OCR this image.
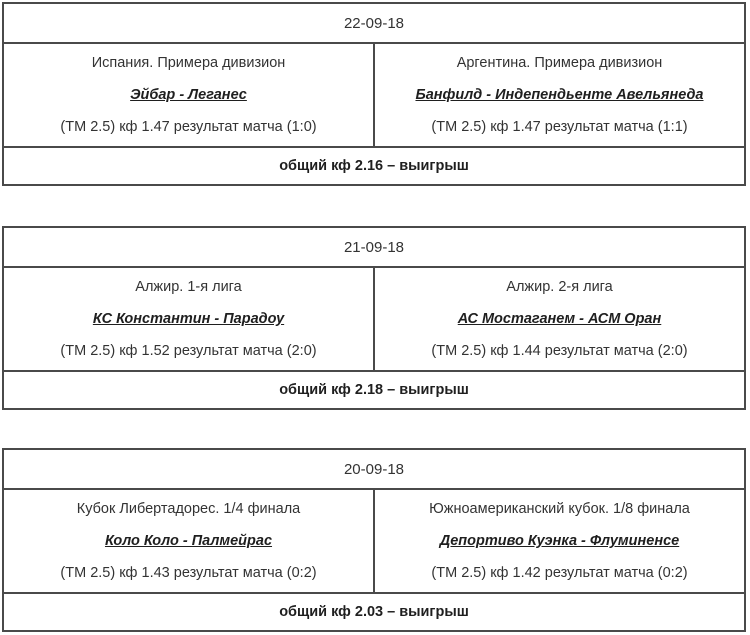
22-09-18
Испания. Примера дивизион
Эйбар - Леганес
(ТМ 2.5) кф 1.47 результат матча (1:0)
Аргентина. Примера дивизион
Банфилд - Индепендьенте Авельянеда
(ТМ 2.5) кф 1.47 результат матча (1:1)
общий кф 2.16 – выигрыш
21-09-18
Алжир. 1-я лига
КС Константин - Парадоу
(ТМ 2.5) кф 1.52 результат матча (2:0)
Алжир. 2-я лига
АС Мостаганем - АСМ Оран
(ТМ 2.5) кф 1.44 результат матча (2:0)
общий кф 2.18 – выигрыш
20-09-18
Кубок Либертадорес. 1/4 финала
Коло Коло - Палмейрас
(ТМ 2.5) кф 1.43 результат матча (0:2)
Южноамериканский кубок. 1/8 финала
Депортиво Куэнка - Флуминенсе
(ТМ 2.5) кф 1.42 результат матча (0:2)
общий кф 2.03 – выигрыш
